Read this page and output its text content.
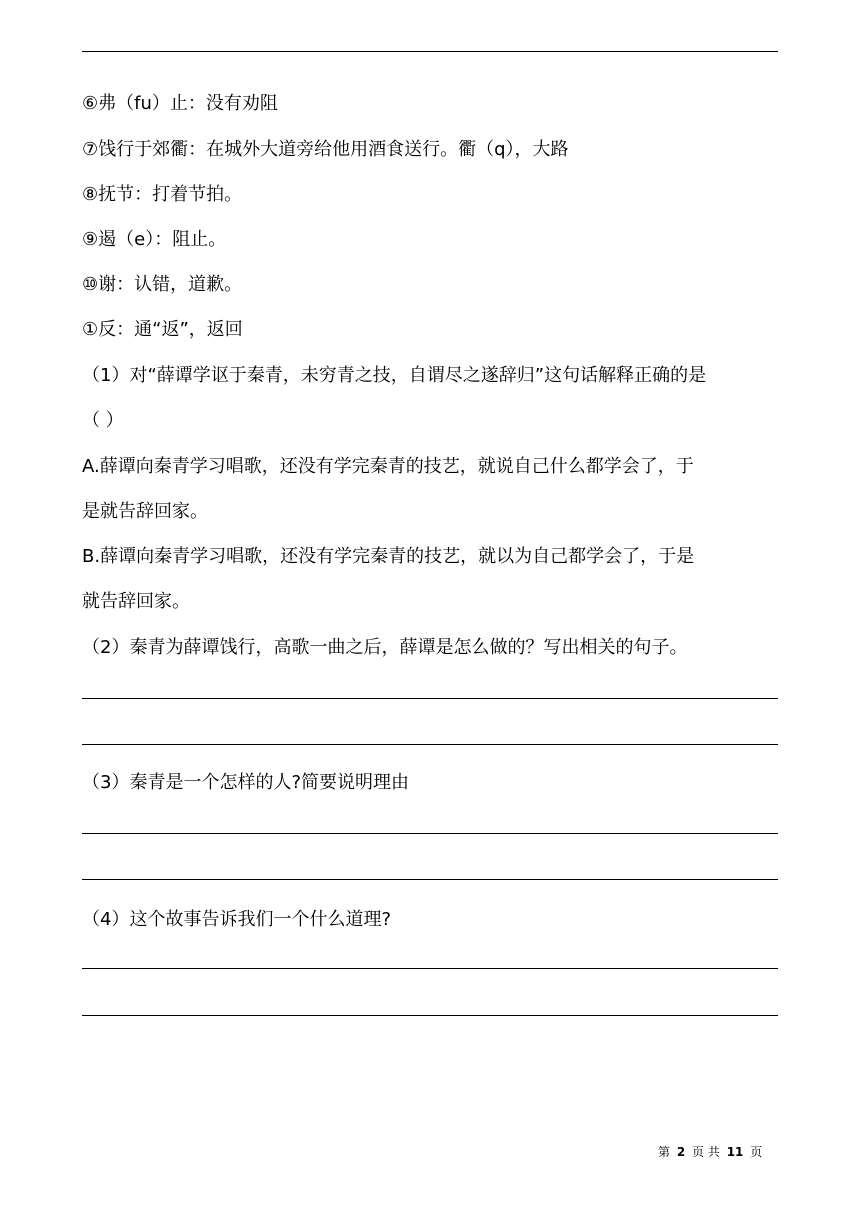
⑥弗（fu）止：没有劝阻
⑦饯行于郊衢：在城外大道旁给他用酒食送行。衢（q），大路
⑧抚节：打着节拍。
⑨遏（e）：阻止。
⑩谢：认错，道歉。
①反：通“返”，返回
（1）对“薛谭学讴于秦青，未穷青之技，自谓尽之遂辞归”这句话解释正确的是
（ ）
A.薛谭向秦青学习唱歌，还没有学完秦青的技艺，就说自己什么都学会了，于
是就告辞回家。
B.薛谭向秦青学习唱歌，还没有学完秦青的技艺，就以为自己都学会了，于是
就告辞回家。
（2）秦青为薛谭饯行，高歌一曲之后，薛谭是怎么做的？写出相关的句子。
（3）秦青是一个怎样的人?简要说明理由
（4）这个故事告诉我们一个什么道理?
第 2 页 共 11 页
